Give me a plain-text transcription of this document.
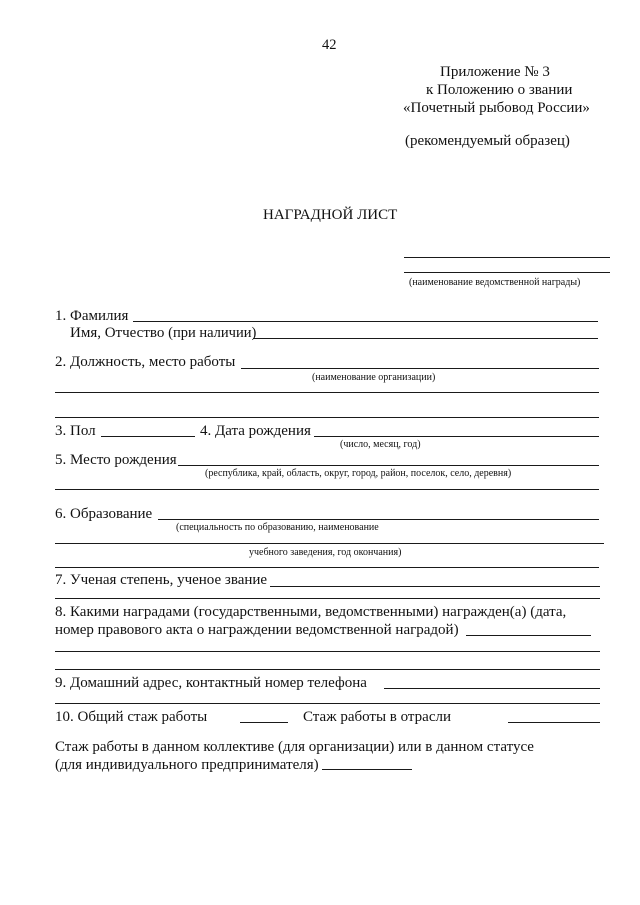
42
Приложение № 3
к Положению о звании
«Почетный рыбовод России»
(рекомендуемый образец)
НАГРАДНОЙ ЛИСТ
(наименование ведомственной награды)
1. Фамилия
Имя, Отчество (при наличии)
2. Должность, место работы
(наименование организации)
3. Пол	4. Дата рождения
(число, месяц, год)
5. Место рождения
(республика, край, область, округ, город, район, поселок, село, деревня)
6. Образование
(специальность по образованию, наименование
учебного заведения, год окончания)
7. Ученая степень, ученое звание
8. Какими наградами (государственными, ведомственными) награжден(а) (дата,
номер правового акта о награждении ведомственной наградой)
9. Домашний адрес, контактный номер телефона
10. Общий стаж работы	Стаж работы в отрасли
Стаж работы в данном коллективе (для организации) или в данном статусе
(для индивидуального предпринимателя)
